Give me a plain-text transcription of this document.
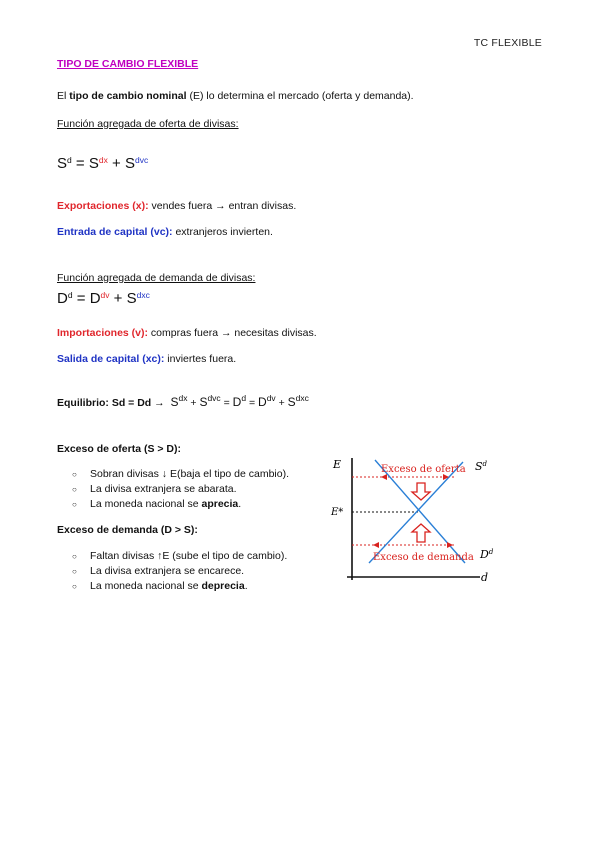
TC FLEXIBLE
TIPO DE CAMBIO FLEXIBLE
El tipo de cambio nominal (E) lo determina el mercado (oferta y demanda).
Función agregada de oferta de divisas:
$S^d = S^{dx} + S^{dvc}$
Exportaciones (x): vendes fuera → entran divisas.
Entrada de capital (vc): extranjeros invierten.
Función agregada de demanda de divisas:
$D^d = D^{dv} + S^{dxc}$
Importaciones (v): compras fuera → necesitas divisas.
Salida de capital (xc): inviertes fuera.
Equilibrio: $Sd = Dd \to S^{dx} + S^{dvc} = D^d = D^{dv} + S^{dxc}$
Exceso de oferta (S > D):
○ Sobran divisas ↓ E(baja el tipo de cambio).
○ La divisa extranjera se abarata.
○ La moneda nacional se aprecia.
Exceso de demanda (D > S):
○ Faltan divisas ↑E (sube el tipo de cambio).
○ La divisa extranjera se encarece.
○ La moneda nacional se deprecia.
E
d
E*
$S^d$
$D^d$
Exceso de oferta
Exceso de demanda
